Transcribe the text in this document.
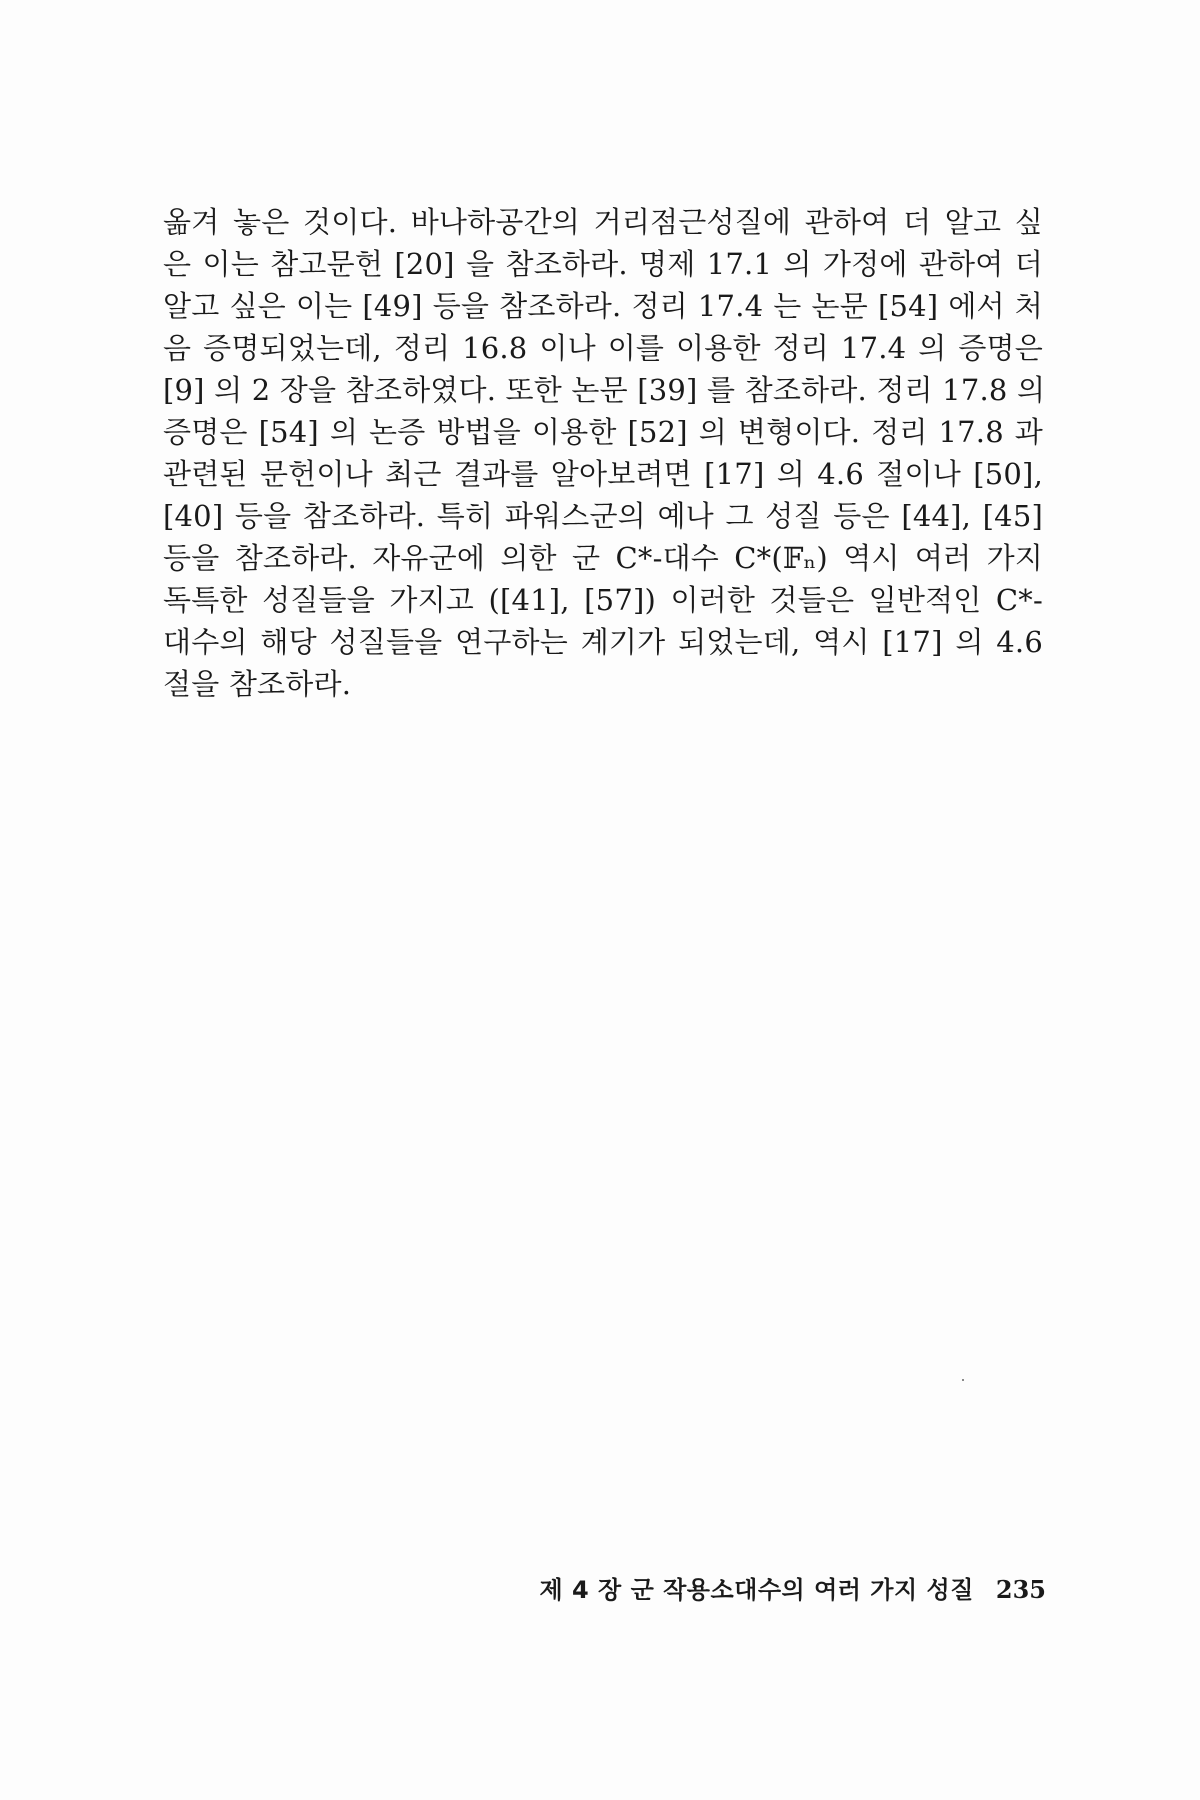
옮겨 놓은 것이다. 바나하공간의 거리점근성질에 관하여 더 알고 싶
은 이는 참고문헌 [20] 을 참조하라. 명제 17.1 의 가정에 관하여 더
알고 싶은 이는 [49] 등을 참조하라. 정리 17.4 는 논문 [54] 에서 처
음 증명되었는데, 정리 16.8 이나 이를 이용한 정리 17.4 의 증명은
[9] 의 2 장을 참조하였다. 또한 논문 [39] 를 참조하라. 정리 17.8 의
증명은 [54] 의 논증 방법을 이용한 [52] 의 변형이다. 정리 17.8 과
관련된 문헌이나 최근 결과를 알아보려면 [17] 의 4.6 절이나 [50],
[40] 등을 참조하라. 특히 파워스군의 예나 그 성질 등은 [44], [45]
등을 참조하라. 자유군에 의한 군 C*-대수 C*(𝔽ₙ) 역시 여러 가지
독특한 성질들을 가지고 ([41], [57]) 이러한 것들은 일반적인 C*-
대수의 해당 성질들을 연구하는 계기가 되었는데, 역시 [17] 의 4.6
절을 참조하라.
제 4 장 군 작용소대수의 여러 가지 성질 235
